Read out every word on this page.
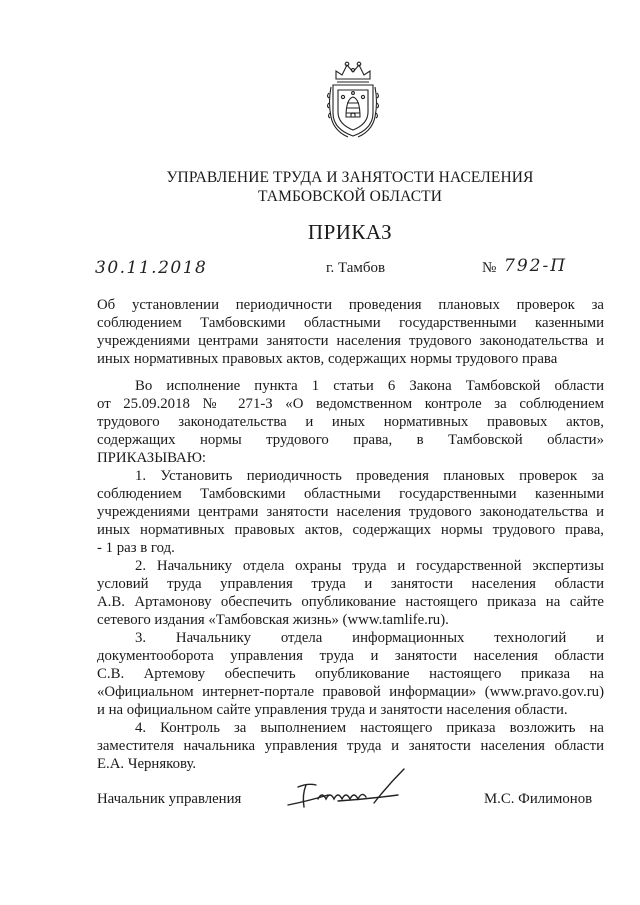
УПРАВЛЕНИЕ ТРУДА И ЗАНЯТОСТИ НАСЕЛЕНИЯ
ТАМБОВСКОЙ ОБЛАСТИ
ПРИКАЗ
30.11.2018	г. Тамбов	№ 792-П
Об установлении периодичности проведения плановых проверок за
соблюдением Тамбовскими областными государственными казенными
учреждениями центрами занятости населения трудового законодательства и
иных нормативных правовых актов, содержащих нормы трудового права
Во исполнение пункта 1 статьи 6 Закона Тамбовской области
от 25.09.2018 № 271-З «О ведомственном контроле за соблюдением
трудового законодательства и иных нормативных правовых актов,
содержащих нормы трудового права, в Тамбовской области»
ПРИКАЗЫВАЮ:
1. Установить периодичность проведения плановых проверок за
соблюдением Тамбовскими областными государственными казенными
учреждениями центрами занятости населения трудового законодательства и
иных нормативных правовых актов, содержащих нормы трудового права,
- 1 раз в год.
2. Начальнику отдела охраны труда и государственной экспертизы
условий труда управления труда и занятости населения области
А.В. Артамонову обеспечить опубликование настоящего приказа на сайте
сетевого издания «Тамбовская жизнь» (www.tamlife.ru).
3. Начальнику отдела информационных технологий и
документооборота управления труда и занятости населения области
С.В. Артемову обеспечить опубликование настоящего приказа на
«Официальном интернет-портале правовой информации» (www.pravo.gov.ru)
и на официальном сайте управления труда и занятости населения области.
4. Контроль за выполнением настоящего приказа возложить на
заместителя начальника управления труда и занятости населения области
Е.А. Чернякову.
Начальник управления	М.С. Филимонов
